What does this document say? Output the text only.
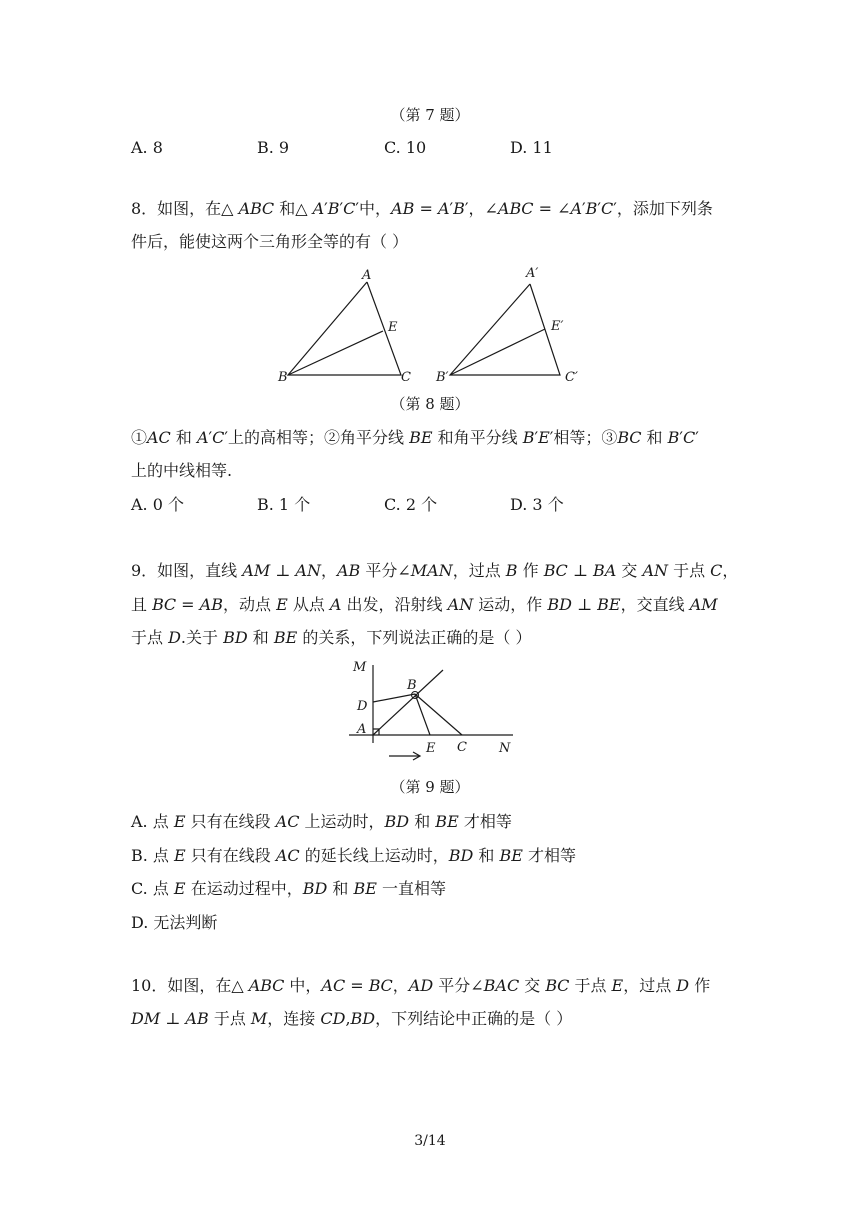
（第 7 题）
A. 8	B. 9	C. 10	D. 11
8．如图，在△ 𝐴𝐵𝐶 和△ 𝐴′𝐵′𝐶′中，𝐴𝐵 = 𝐴′𝐵′，∠𝐴𝐵𝐶 = ∠𝐴′𝐵′𝐶′，添加下列条
件后，能使这两个三角形全等的有（ ）
A
E
B	C
A′
E′
B′	C′
（第 8 题）
①𝐴𝐶 和 𝐴′𝐶′上的高相等；②角平分线 𝐵𝐸 和角平分线 𝐵′𝐸′相等；③𝐵𝐶 和 𝐵′𝐶′
上的中线相等.
A. 0 个	B. 1 个	C. 2 个	D. 3 个
9．如图，直线 𝐴𝑀 ⊥ 𝐴𝑁，𝐴𝐵 平分∠𝑀𝐴𝑁，过点 𝐵 作 𝐵𝐶 ⊥ 𝐵𝐴 交 𝐴𝑁 于点 𝐶，
且 𝐵𝐶 = 𝐴𝐵，动点 𝐸 从点 𝐴 出发，沿射线 𝐴𝑁 运动，作 𝐵𝐷 ⊥ 𝐵𝐸，交直线 𝐴𝑀
于点 𝐷.关于 𝐵𝐷 和 𝐵𝐸 的关系，下列说法正确的是（ ）
M
B
D
A
E C N
（第 9 题）
A. 点 𝐸 只有在线段 𝐴𝐶 上运动时，𝐵𝐷 和 𝐵𝐸 才相等
B. 点 𝐸 只有在线段 𝐴𝐶 的延长线上运动时，𝐵𝐷 和 𝐵𝐸 才相等
C. 点 𝐸 在运动过程中，𝐵𝐷 和 𝐵𝐸 一直相等
D. 无法判断
10．如图，在△ 𝐴𝐵𝐶 中，𝐴𝐶 = 𝐵𝐶，𝐴𝐷 平分∠𝐵𝐴𝐶 交 𝐵𝐶 于点 𝐸，过点 𝐷 作
𝐷𝑀 ⊥ 𝐴𝐵 于点 𝑀，连接 𝐶𝐷,𝐵𝐷，下列结论中正确的是（ ）
3/14
